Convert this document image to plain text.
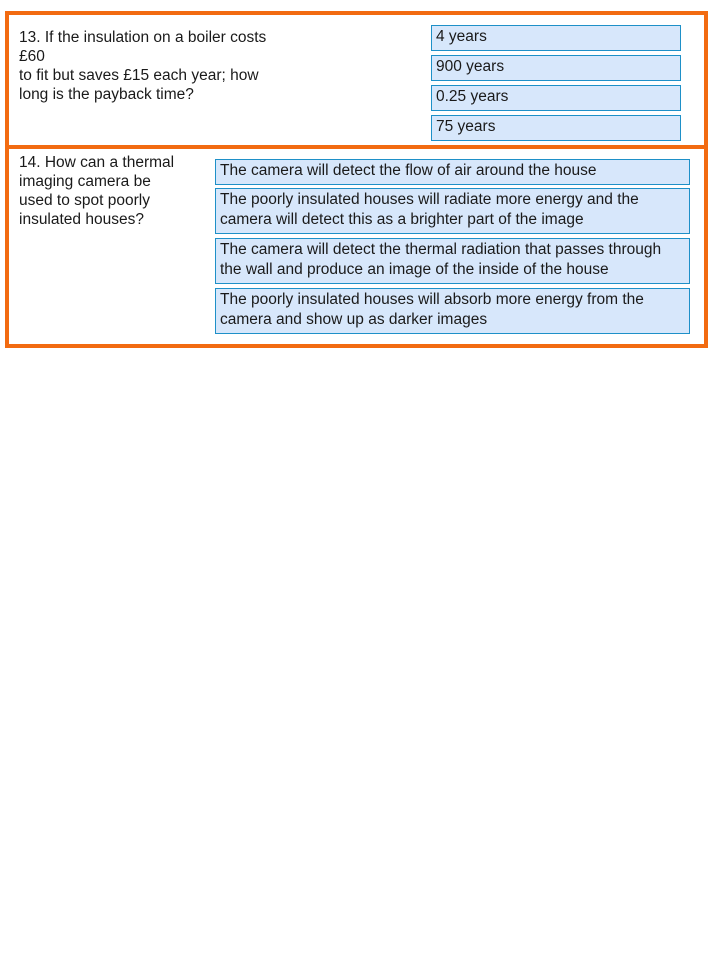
13. If the insulation on a boiler costs
£60
to fit but saves £15 each year; how
long is the payback time?

4 years
900 years
0.25 years
75 years

14. How can a thermal
imaging camera be
used to spot poorly
insulated houses?

The camera will detect the flow of air around the house
The poorly insulated houses will radiate more energy and the camera will detect this as a brighter part of the image
The camera will detect the thermal radiation that passes through
the wall and produce an image of the inside of the house
The poorly insulated houses will absorb more energy from the camera and show up as darker images
